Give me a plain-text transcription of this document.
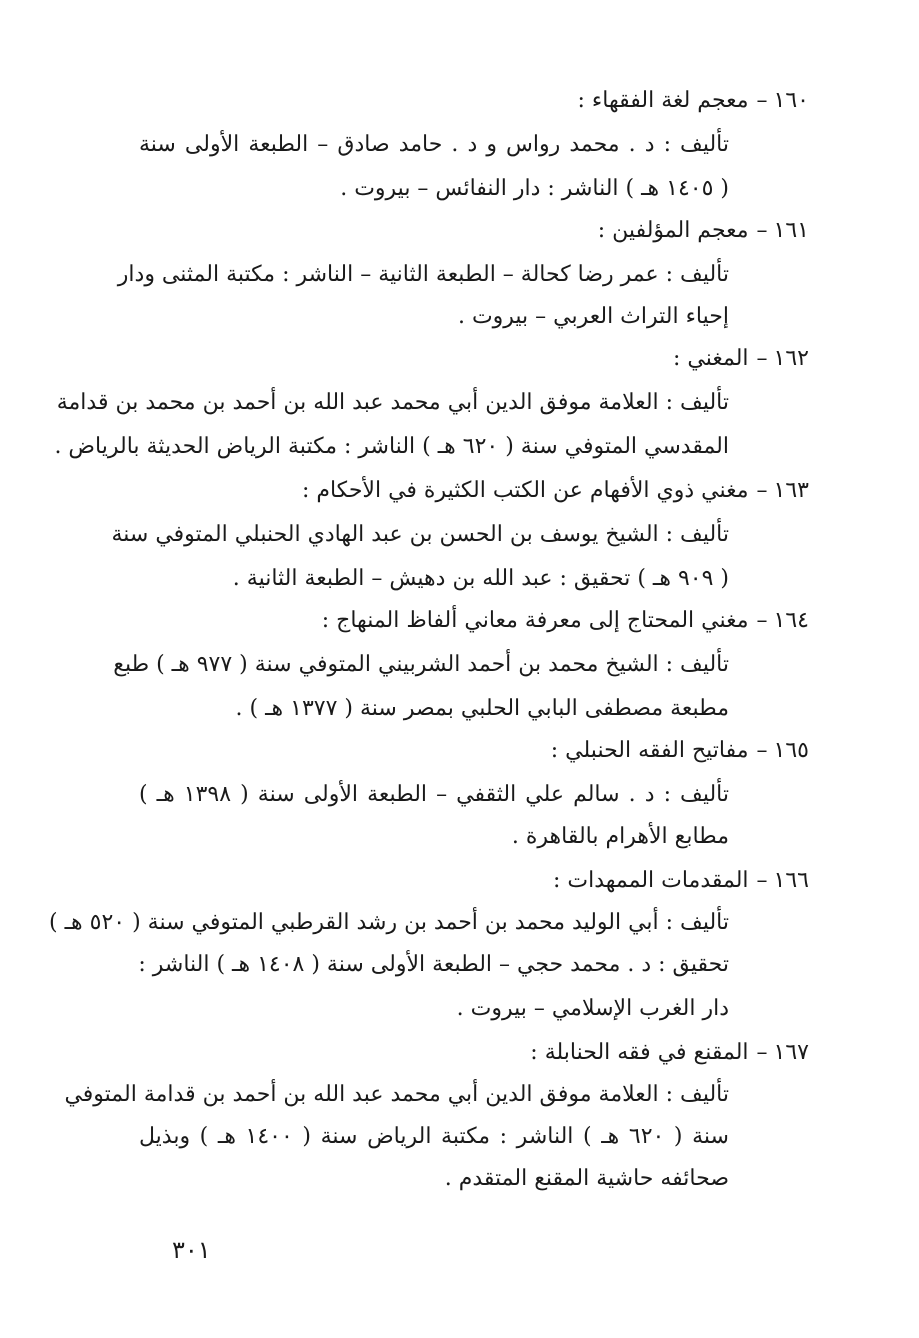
١٦٠–معجم لغة الفقهاء :
تأليف : د . محمد رواس و د . حامد صادق – الطبعة الأولى سنة
( ١٤٠٥ هـ ) الناشر : دار النفائس – بيروت .
١٦١–معجم المؤلفين :
تأليف : عمر رضا كحالة – الطبعة الثانية – الناشر : مكتبة المثنى ودار
إحياء التراث العربي – بيروت .
١٦٢–المغني :
تأليف : العلامة موفق الدين أبي محمد عبد الله بن أحمد بن محمد بن قدامة
المقدسي المتوفي سنة ( ٦٢٠ هـ ) الناشر : مكتبة الرياض الحديثة بالرياض .
١٦٣–مغني ذوي الأفهام عن الكتب الكثيرة في الأحكام :
تأليف : الشيخ يوسف بن الحسن بن عبد الهادي الحنبلي المتوفي سنة
( ٩٠٩ هـ ) تحقيق : عبد الله بن دهيش – الطبعة الثانية .
١٦٤–مغني المحتاج إلى معرفة معاني ألفاظ المنهاج :
تأليف : الشيخ محمد بن أحمد الشربيني المتوفي سنة ( ٩٧٧ هـ ) طبع
مطبعة مصطفى البابي الحلبي بمصر سنة ( ١٣٧٧ هـ ) .
١٦٥–مفاتيح الفقه الحنبلي :
تأليف : د . سالم علي الثقفي – الطبعة الأولى سنة ( ١٣٩٨ هـ )
مطابع الأهرام بالقاهرة .
١٦٦–المقدمات الممهدات :
تأليف : أبي الوليد محمد بن أحمد بن رشد القرطبي المتوفي سنة ( ٥٢٠ هـ )
تحقيق : د . محمد حجي – الطبعة الأولى سنة ( ١٤٠٨ هـ ) الناشر :
دار الغرب الإسلامي – بيروت .
١٦٧–المقنع في فقه الحنابلة :
تأليف : العلامة موفق الدين أبي محمد عبد الله بن أحمد بن قدامة المتوفي
سنة ( ٦٢٠ هـ ) الناشر : مكتبة الرياض سنة ( ١٤٠٠ هـ ) وبذيل
صحائفه حاشية المقنع المتقدم .
٣٠١
